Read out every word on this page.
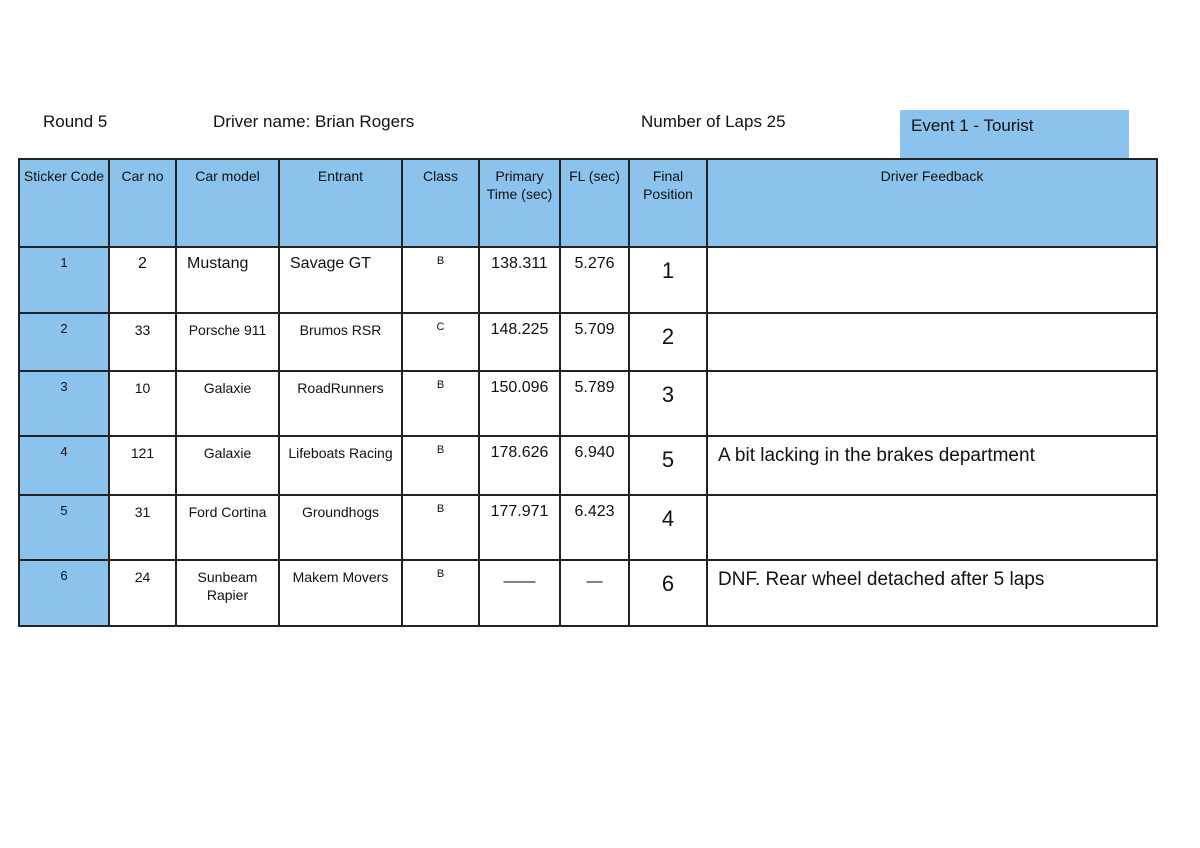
Round 5	Driver name: Brian Rogers	Number of Laps 25	Event 1 - Tourist
Sticker Code	Car no	Car model	Entrant	Class	Primary Time (sec)	FL (sec)	Final Position	Driver Feedback
1	2	Mustang	Savage GT	B	138.311	5.276	1	
2	33	Porsche 911	Brumos RSR	C	148.225	5.709	2	
3	10	Galaxie	RoadRunners	B	150.096	5.789	3	
4	121	Galaxie	Lifeboats Racing	B	178.626	6.940	5	A bit lacking in the brakes department
5	31	Ford Cortina	Groundhogs	B	177.971	6.423	4	
6	24	Sunbeam Rapier	Makem Movers	B	——	—	6	DNF. Rear wheel detached after 5 laps
